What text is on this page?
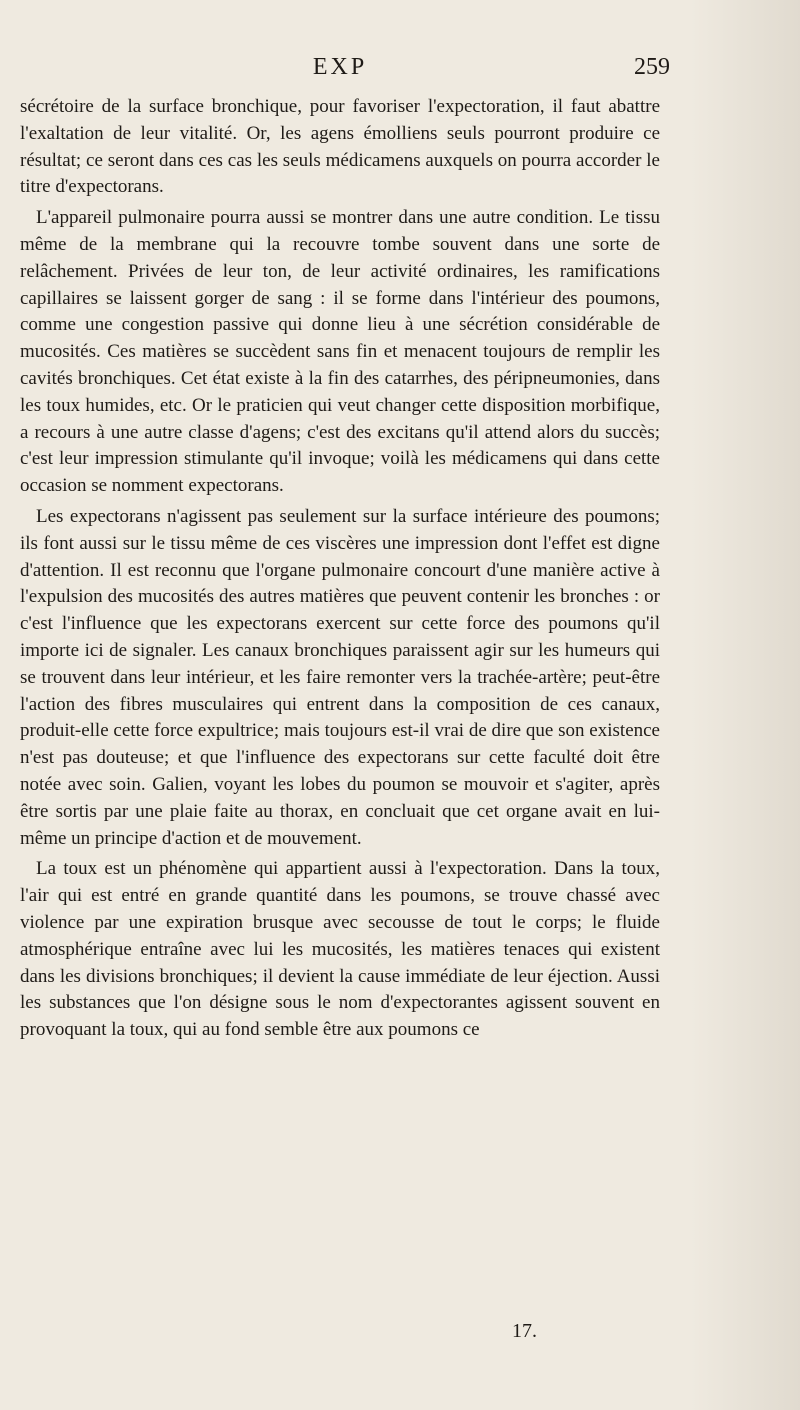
EXP	259

sécrétoire de la surface bronchique, pour favoriser l'expectoration, il faut abattre l'exaltation de leur vitalité. Or, les agens émolliens seuls pourront produire ce résultat; ce seront dans ces cas les seuls médicamens auxquels on pourra accorder le titre d'expectorans.

L'appareil pulmonaire pourra aussi se montrer dans une autre condition. Le tissu même de la membrane qui la recouvre tombe souvent dans une sorte de relâchement. Privées de leur ton, de leur activité ordinaires, les ramifications capillaires se laissent gorger de sang : il se forme dans l'intérieur des poumons, comme une congestion passive qui donne lieu à une sécrétion considérable de mucosités. Ces matières se succèdent sans fin et menacent toujours de remplir les cavités bronchiques. Cet état existe à la fin des catarrhes, des péripneumonies, dans les toux humides, etc. Or le praticien qui veut changer cette disposition morbifique, a recours à une autre classe d'agens; c'est des excitans qu'il attend alors du succès; c'est leur impression stimulante qu'il invoque; voilà les médicamens qui dans cette occasion se nomment expectorans.

Les expectorans n'agissent pas seulement sur la surface intérieure des poumons; ils font aussi sur le tissu même de ces viscères une impression dont l'effet est digne d'attention. Il est reconnu que l'organe pulmonaire concourt d'une manière active à l'expulsion des mucosités des autres matières que peuvent contenir les bronches : or c'est l'influence que les expectorans exercent sur cette force des poumons qu'il importe ici de signaler. Les canaux bronchiques paraissent agir sur les humeurs qui se trouvent dans leur intérieur, et les faire remonter vers la trachée-artère; peut-être l'action des fibres musculaires qui entrent dans la composition de ces canaux, produit-elle cette force expultrice; mais toujours est-il vrai de dire que son existence n'est pas douteuse; et que l'influence des expectorans sur cette faculté doit être notée avec soin. Galien, voyant les lobes du poumon se mouvoir et s'agiter, après être sortis par une plaie faite au thorax, en concluait que cet organe avait en lui-même un principe d'action et de mouvement.

La toux est un phénomène qui appartient aussi à l'expectoration. Dans la toux, l'air qui est entré en grande quantité dans les poumons, se trouve chassé avec violence par une expiration brusque avec secousse de tout le corps; le fluide atmosphérique entraîne avec lui les mucosités, les matières tenaces qui existent dans les divisions bronchiques; il devient la cause immédiate de leur éjection. Aussi les substances que l'on désigne sous le nom d'expectorantes agissent souvent en provoquant la toux, qui au fond semble être aux poumons ce

17.
